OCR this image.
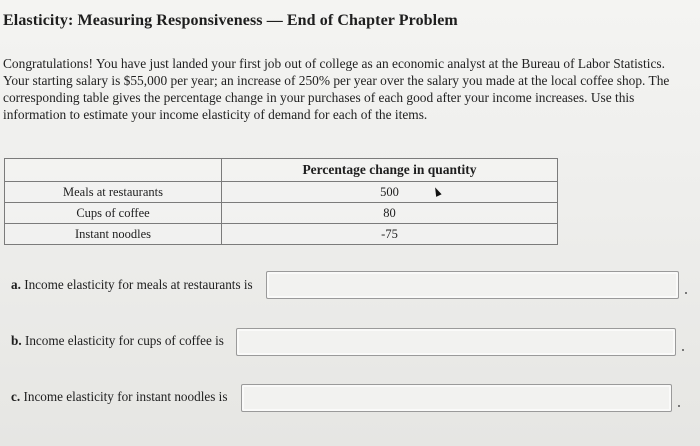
Elasticity: Measuring Responsiveness — End of Chapter Problem

Congratulations! You have just landed your first job out of college as an economic analyst at the Bureau of Labor Statistics. Your starting salary is $55,000 per year; an increase of 250% per year over the salary you made at the local coffee shop. The corresponding table gives the percentage change in your purchases of each good after your income increases. Use this information to estimate your income elasticity of demand for each of the items.

	Percentage change in quantity
Meals at restaurants	500

Cups of coffee	80
Instant noodles	-75
a. Income elasticity for meals at restaurants is
b. Income elasticity for cups of coffee is
c. Income elasticity for instant noodles is
